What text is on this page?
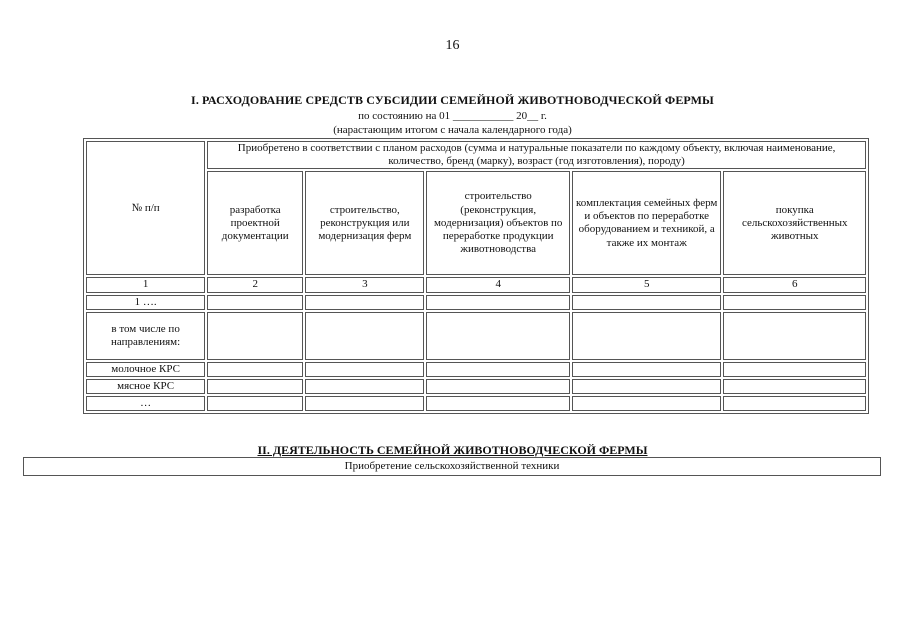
16
I. РАСХОДОВАНИЕ СРЕДСТВ СУБСИДИИ СЕМЕЙНОЙ ЖИВОТНОВОДЧЕСКОЙ ФЕРМЫ
по состоянию на 01 ___________ 20__ г.
(нарастающим итогом с начала календарного года)
№ п/п	Приобретено в соответствии с планом расходов (сумма и натуральные показатели по каждому объекту, включая наименование, количество, бренд (марку), возраст (год изготовления), породу)				
	разработка проектной документации	строительство, реконструкция или модернизация ферм	строительство (реконструкция, модернизация) объектов по переработке продукции животноводства	комплектация семейных ферм и объектов по переработке оборудованием и техникой, а также их монтаж	покупка сельскохозяйственных животных
1	2	3	4	5	6
1 ….					
в том числе по направлениям:					
молочное КРС					
мясное КРС					
…					
II. ДЕЯТЕЛЬНОСТЬ СЕМЕЙНОЙ ЖИВОТНОВОДЧЕСКОЙ ФЕРМЫ
Приобретение сельскохозяйственной техники
